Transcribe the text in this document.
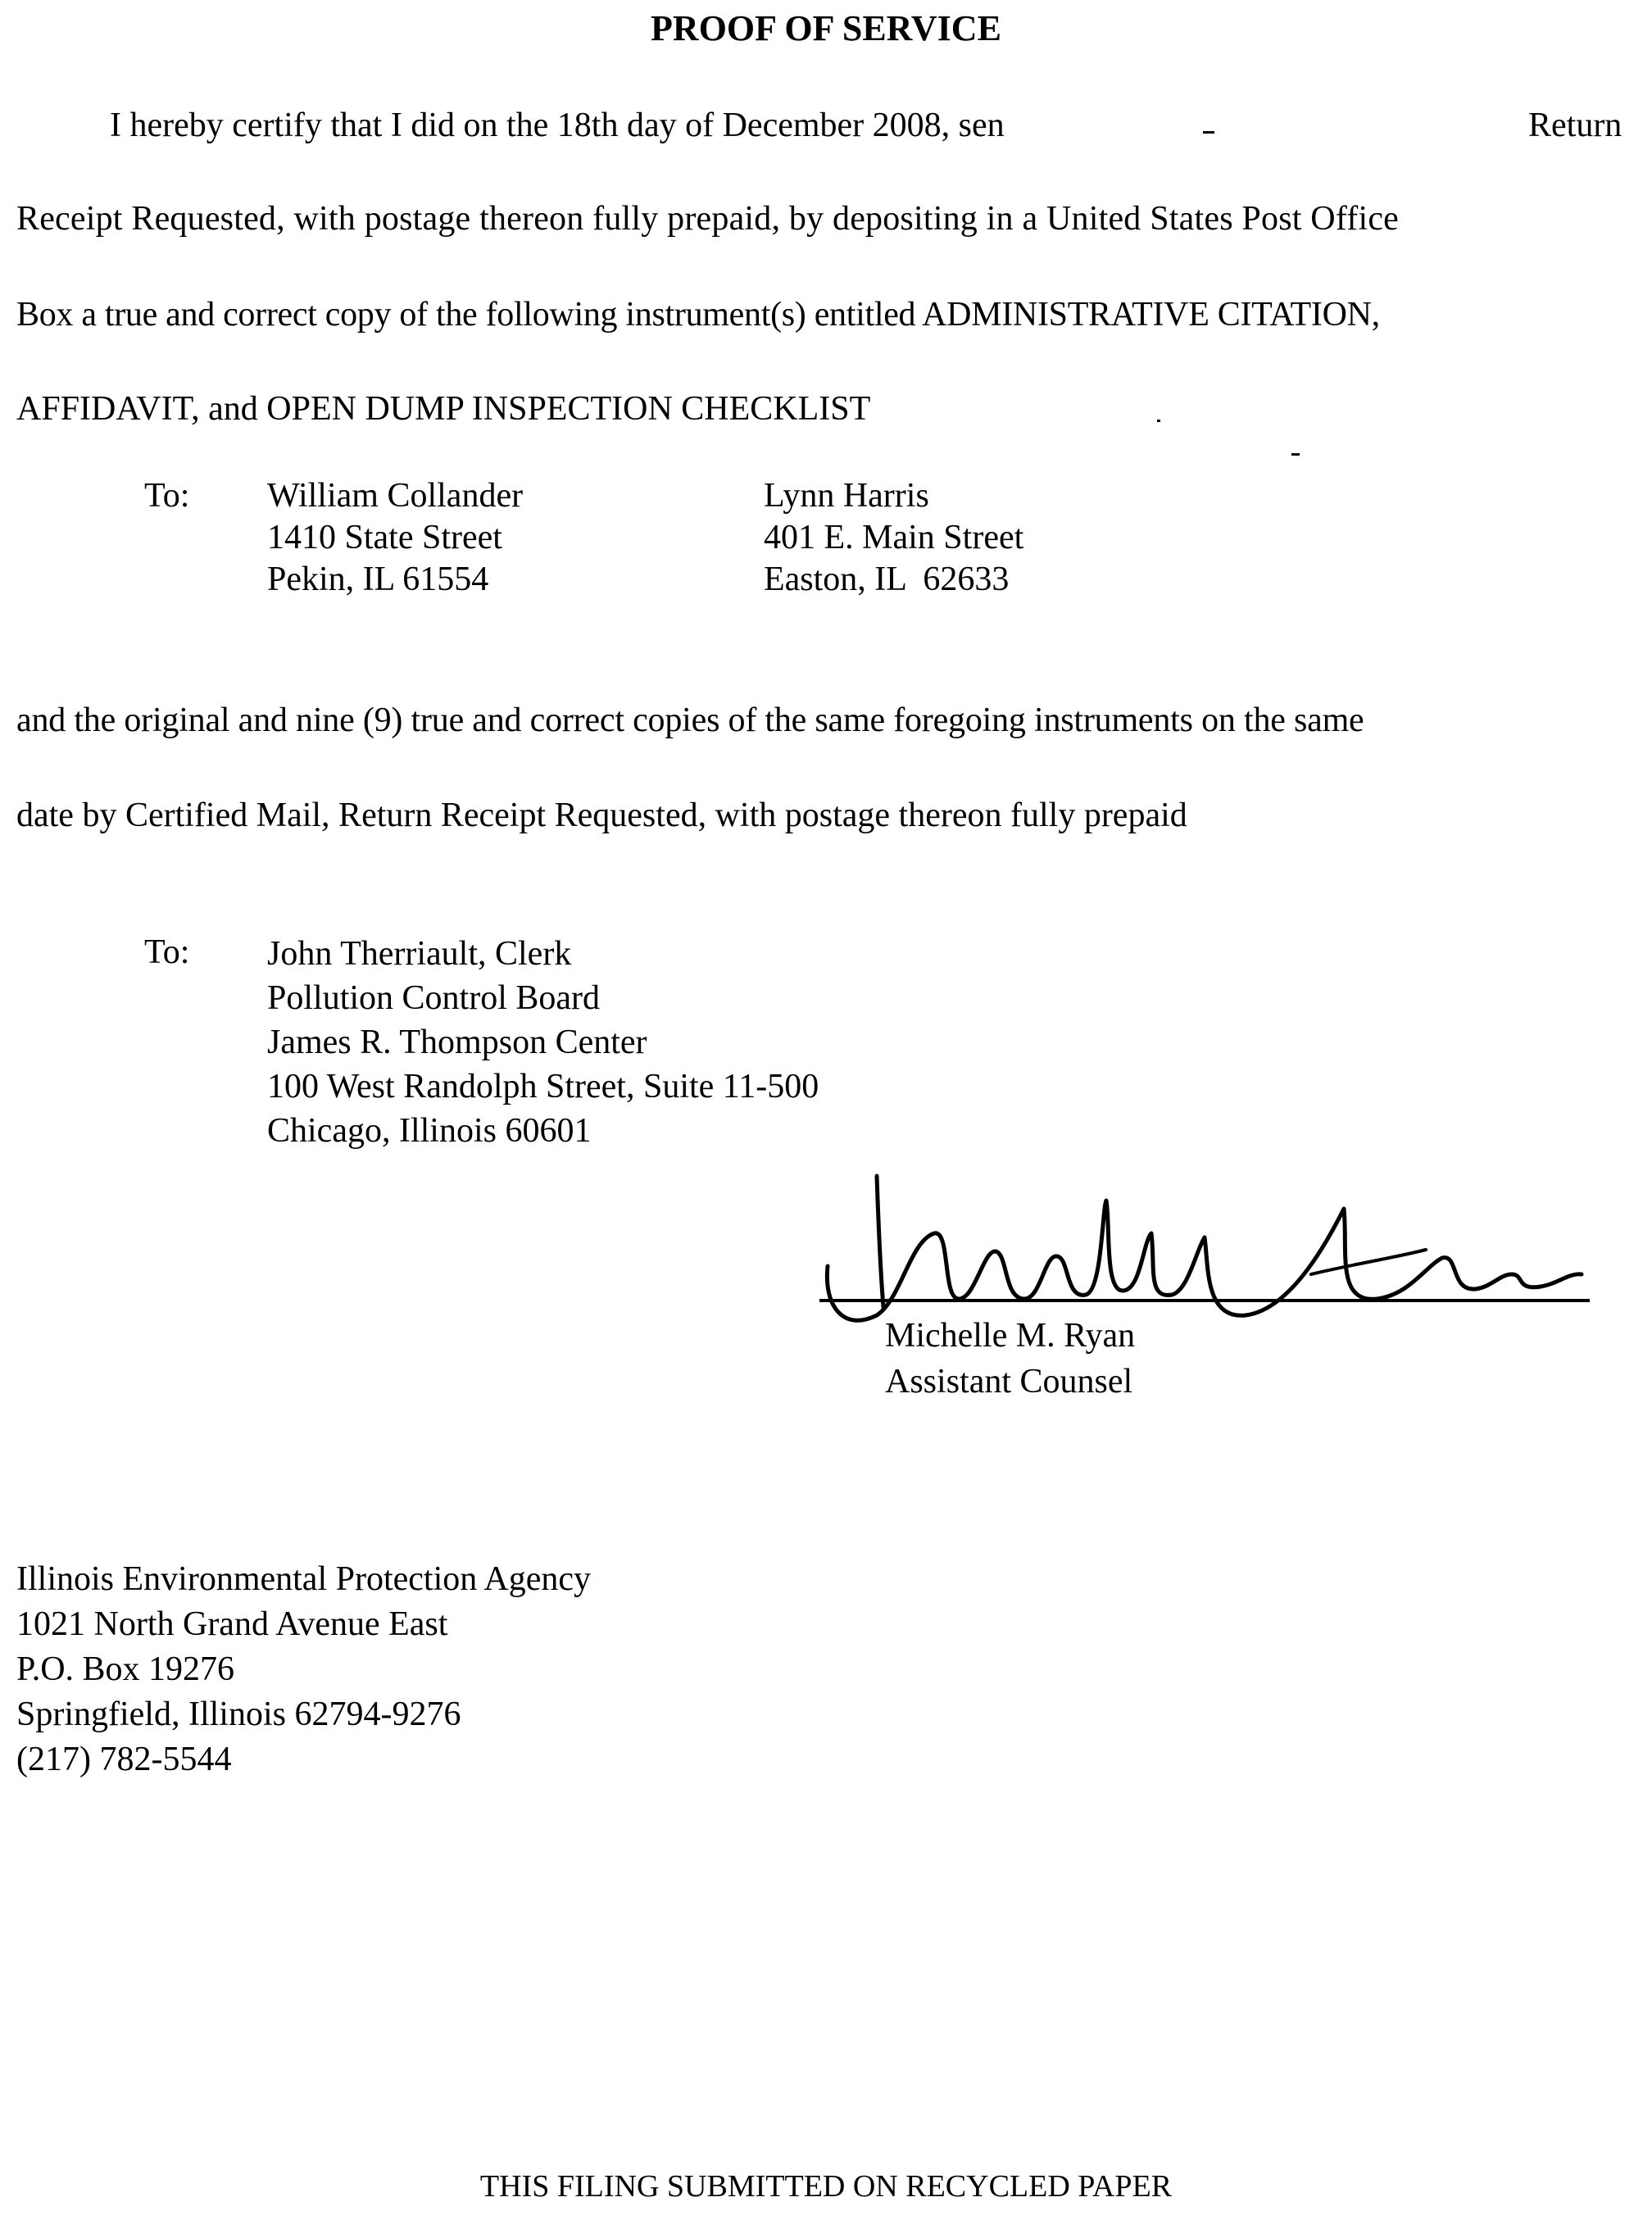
PROOF OF SERVICE
I hereby certify that I did on the 18th day of December 2008, sen	Return
Receipt Requested, with postage thereon fully prepaid, by depositing in a United States Post Office
Box a true and correct copy of the following instrument(s) entitled ADMINISTRATIVE CITATION,
AFFIDAVIT, and OPEN DUMP INSPECTION CHECKLIST
To: William Collander
1410 State Street
Pekin, IL 61554
Lynn Harris
401 E. Main Street
Easton, IL  62633
and the original and nine (9) true and correct copies of the same foregoing instruments on the same
date by Certified Mail, Return Receipt Requested, with postage thereon fully prepaid
To: John Therriault, Clerk
Pollution Control Board
James R. Thompson Center
100 West Randolph Street, Suite 11-500
Chicago, Illinois 60601
Michelle M. Ryan
Assistant Counsel
Illinois Environmental Protection Agency
1021 North Grand Avenue East
P.O. Box 19276
Springfield, Illinois 62794-9276
(217) 782-5544
THIS FILING SUBMITTED ON RECYCLED PAPER
